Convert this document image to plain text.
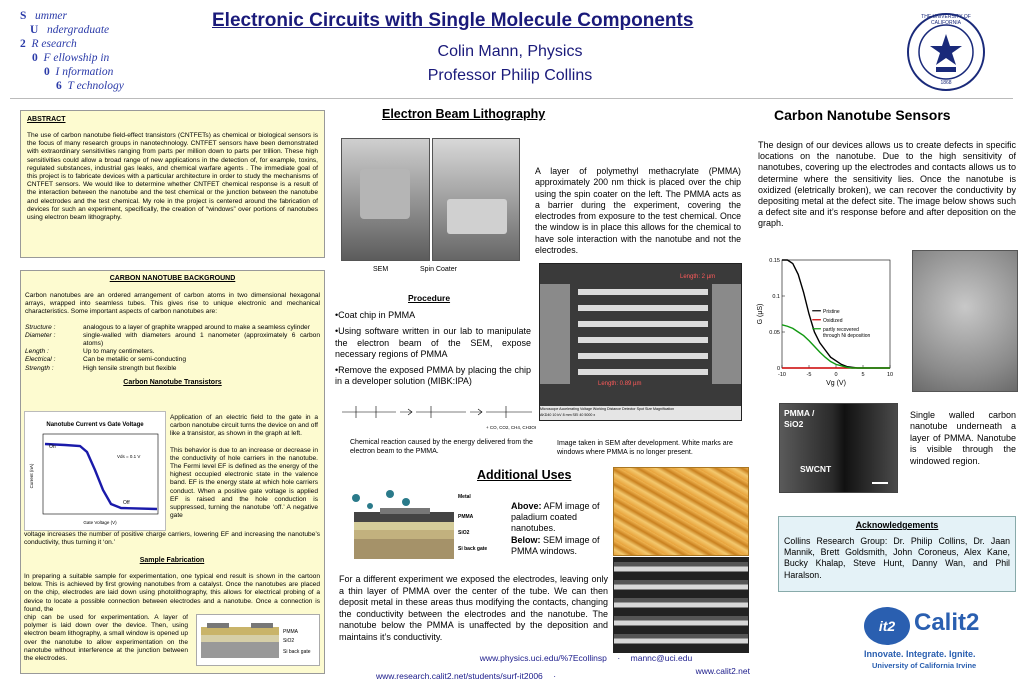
S ummer
U ndergraduate
2 R esearch
0 F ellowship in
0 I nformation
6 T echnology
Electronic Circuits with Single Molecule Components
Colin Mann, Physics
Professor Philip Collins
THE UNIVERSITY OF CALIFORNIA
1868
ABSTRACT
The use of carbon nanotube field-effect transistors (CNTFETs) as chemical or biological sensors is the focus of many research groups in nanotechnology. CNTFET sensors have been demonstrated with extraordinary sensitivities ranging from parts per million down to parts per trillion. These high sensitivities could allow a broad range of new applications in the detection of, for example, toxins, regulated substances, industrial gas leaks, and chemical warfare agents . The immediate goal of this project is to fabricate devices with a particular architecture in order to study the mechanisms of CNTFET sensors. We would like to determine whether CNTFET chemical response is a result of the interaction between the nanotube and the test chemical or the junction between the nanotube and electrodes and the test chemical. My role in the project is centered around the fabrication of devices for such an experiment, specifically, the creation of “windows” over portions of nanotubes using electron beam lithography.
CARBON NANOTUBE BACKGROUND
Carbon nanotubes are an ordered arrangement of carbon atoms in two dimensional hexagonal arrays, wrapped into seamless tubes. This gives rise to unique electronic and mechanical characteristics. Some important aspects of carbon nanotubes are:
Structure :	analogous to a layer of graphite wrapped around to make a seamless cylinder
Diameter :	single-walled with diameters around 1 nanometer (approximately 6 carbon atoms)
Length :	Up to many centimeters.
Electrical :	Can be metallic or semi-conducting
Strength :	High tensile strength but flexible
Carbon Nanotube Transistors
Nanotube Current vs Gate Voltage
On
Off
Vds = 0.1 V
Gate Voltage (V)
Current (nA)
Application of an electric field to the gate in a carbon nanotube circuit turns the device on and off like a transistor, as shown in the graph at left.
This behavior is due to an increase or decrease in the conductivity of hole carriers in the nanotube. The Fermi level EF is defined as the energy of the highest occupied electronic state in the valence band. EF is the energy state at which hole carriers conduct. When a positive gate voltage is applied EF is raised and the hole conduction is suppressed, turning the nanotube ‘off.’ A negative gate
voltage increases the number of positive charge carriers, lowering EF and increasing the nanotube’s conductivity, thus turning it ‘on.’
Sample Fabrication
In preparing a suitable sample for experimentation, one typical end result is shown in the cartoon below. This is achieved by first growing nanotubes from a catalyst. Once the nanotubes are placed on the chip, electrodes are laid down using photolithography, this allows for electrical probing of a device to locate a possible connection between electrodes and a nanotube. Once a connection is found, the
chip can be used for experimentation. A layer of polymer is laid down over the device. Then, using electron beam lithography, a small window is opened up over the nanotube to allow experimentation on the nanotube without interference at the junction between the electrodes.
PMMA
SiO2
Si back gate
Electron Beam Lithography
SEM	Spin Coater
A layer of polymethyl methacrylate (PMMA) approximately 200 nm thick is placed over the chip using the spin coater on the left. The PMMA acts as a barrier during the experiment, covering the electrodes from exposure to the test chemical. Once the window is in place this allows for the chemical to have sole interaction with the nanotube and not the electrodes.
Procedure
•Coat chip in PMMA
•Using software written in our lab to manipulate the electron beam of the SEM, expose necessary regions of PMMA
•Remove the exposed PMMA by placing the chip in a developer solution (MIBK:IPA)
+ CO, CO2, CH4, CH3OH
Chemical reaction caused by the energy delivered from the electron beam to the PMMA.
Length: 2 µm
Length: 0.89 µm
Microscope Accelerating Voltage Working Distance Detector Spot Size Magnification
AKD40 10 kV 8 mm SEI 40 5000 x
Image taken in SEM after development. White marks are windows where PMMA is no longer present.
Additional Uses
Metal
PMMA
SiO2
Si back gate
Above: AFM image of paladium coated nanotubes.
Below: SEM image of PMMA windows.
For a different experiment we exposed the electrodes, leaving only a thin layer of PMMA over the center of the tube. We can then deposit metal in these areas thus modifying the contacts, changing the conductivity between the electrodes and the nanotube. The nanotube below the PMMA is unaffected by the deposition and maintains it’s conductivity.
Carbon Nanotube Sensors
The design of our devices allows us to create defects in specific locations on the nanotube. Due to the high sensitivity of nanotubes, covering up the electrodes and contacts allows us to determine where the sensitivity lies. Once the nanotube is oxidized (eletrically broken), we can recover the conductivity by depositing metal at the defect site. The image below shows such a defect site and it’s response before and after deposition on the graph.
-10	-5	0	5	10
0
0.05
0.1
0.15
Vg (V)
G (µS)	Pristine
Oxidized
partly recovered
through Ni deposition
PMMA / SiO2
SWCNT
Single walled carbon nanotube underneath a layer of PMMA. Nanotube is visible through the windowed region.
Acknowledgements
Collins Research Group: Dr. Philip Collins, Dr. Jaan Mannik, Brett Goldsmith, John Coroneus, Alex Kane, Bucky Khalap, Steve Hunt, Danny Wan, and Phil Haralson.
it2 Calit2
Innovate. Integrate. Ignite.
University of California Irvine
www.physics.uci.edu/%7Ecollinsp · mannc@uci.edu
www.research.calit2.net/students/surf-it2006 ·	www.calit2.net
